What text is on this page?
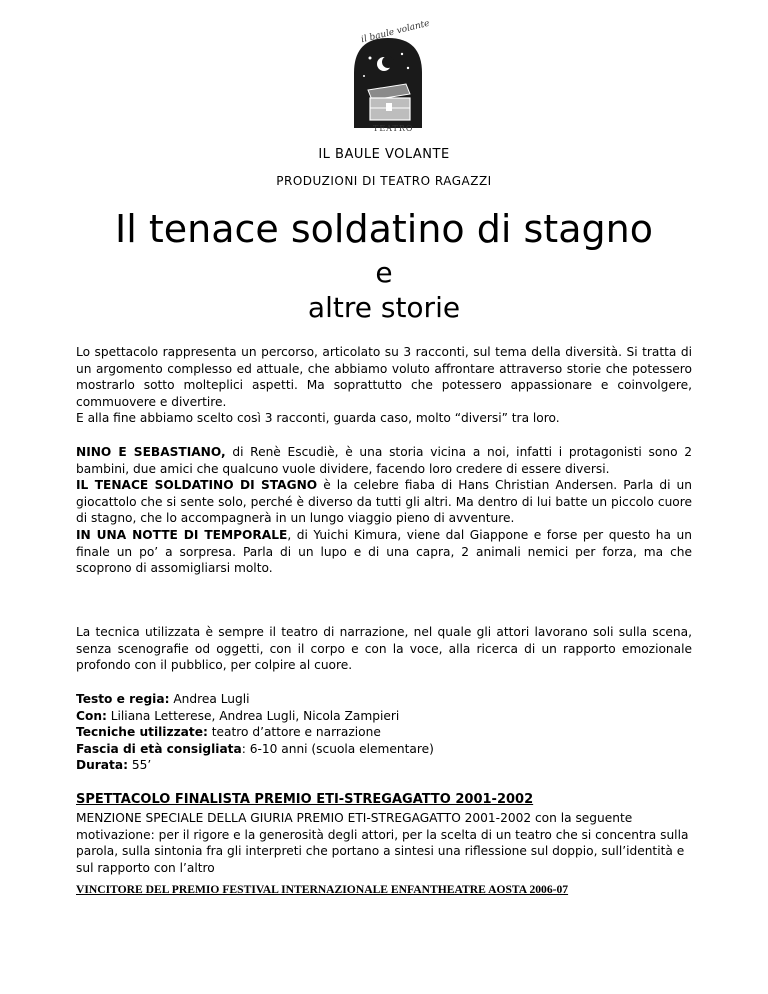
il baule volante
TEATRO
IL BAULE VOLANTE
PRODUZIONI DI TEATRO RAGAZZI
Il tenace soldatino di stagno
e
altre storie
Lo spettacolo rappresenta un percorso, articolato su 3 racconti, sul tema della diversità. Si tratta di un argomento complesso ed attuale, che abbiamo voluto affrontare attraverso storie che potessero mostrarlo sotto molteplici aspetti. Ma soprattutto che potessero appassionare e coinvolgere, commuovere e divertire.
E alla fine abbiamo scelto così 3 racconti, guarda caso, molto “diversi” tra loro.
NINO E SEBASTIANO, di Renè Escudiè, è una storia vicina a noi, infatti i protagonisti sono 2 bambini, due amici che qualcuno vuole dividere, facendo loro credere di essere diversi.
IL TENACE SOLDATINO DI STAGNO è la celebre fiaba di Hans Christian Andersen. Parla di un giocattolo che si sente solo, perché è diverso da tutti gli altri. Ma dentro di lui batte un piccolo cuore di stagno, che lo accompagnerà in un lungo viaggio pieno di avventure.
IN UNA NOTTE DI TEMPORALE, di Yuichi Kimura, viene dal Giappone e forse per questo ha un finale un po’ a sorpresa. Parla di un lupo e di una capra, 2 animali nemici per forza, ma che scoprono di assomigliarsi molto.
La tecnica utilizzata è sempre il teatro di narrazione, nel quale gli attori lavorano soli sulla scena, senza scenografie od oggetti, con il corpo e con la voce, alla ricerca di un rapporto emozionale profondo con il pubblico, per colpire al cuore.
Testo e regia: Andrea Lugli
Con: Liliana Letterese, Andrea Lugli, Nicola Zampieri
Tecniche utilizzate: teatro d’attore e narrazione
Fascia di età consigliata: 6-10 anni (scuola elementare)
Durata: 55’
SPETTACOLO FINALISTA PREMIO ETI-STREGAGATTO 2001-2002

MENZIONE SPECIALE DELLA GIURIA PREMIO ETI-STREGAGATTO 2001-2002 con la seguente motivazione: per il rigore e la generosità degli attori, per la scelta di un teatro che si concentra sulla parola, sulla sintonia fra gli interpreti che portano a sintesi una riflessione sul doppio, sull’identità e sul rapporto con l’altro

VINCITORE DEL PREMIO FESTIVAL INTERNAZIONALE ENFANTHEATRE AOSTA 2006-07
